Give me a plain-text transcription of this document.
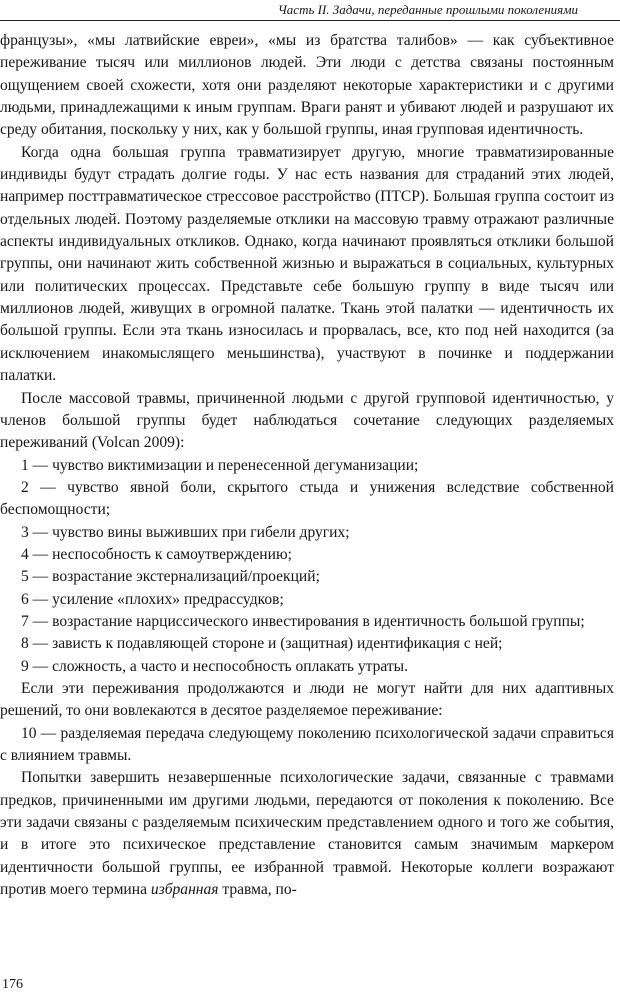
Часть II. Задачи, переданные прошлыми поколениями

французы», «мы латвийские евреи», «мы из братства талибов» — как субъективное переживание тысяч или миллионов людей. Эти люди с детства связаны постоянным ощущением своей схожести, хотя они разделяют некоторые характеристики и с другими людьми, принадлежащими к иным группам. Враги ранят и убивают людей и разрушают их среду обитания, поскольку у них, как у большой группы, иная групповая идентичность.

Когда одна большая группа травматизирует другую, многие травматизированные индивиды будут страдать долгие годы. У нас есть названия для страданий этих людей, например посттравматическое стрессовое расстройство (ПТСР). Большая группа состоит из отдельных людей. Поэтому разделяемые отклики на массовую травму отражают различные аспекты индивидуальных откликов. Однако, когда начинают проявляться отклики большой группы, они начинают жить собственной жизнью и выражаться в социальных, культурных или политических процессах. Представьте себе большую группу в виде тысяч или миллионов людей, живущих в огромной палатке. Ткань этой палатки — идентичность их большой группы. Если эта ткань износилась и прорвалась, все, кто под ней находится (за исключением инакомыслящего меньшинства), участвуют в починке и поддержании палатки.

После массовой травмы, причиненной людьми с другой групповой идентичностью, у членов большой группы будет наблюдаться сочетание следующих разделяемых переживаний (Volcan 2009):

1 — чувство виктимизации и перенесенной дегуманизации;

2 — чувство явной боли, скрытого стыда и унижения вследствие собственной беспомощности;

3 — чувство вины выживших при гибели других;

4 — неспособность к самоутверждению;

5 — возрастание экстернализаций/проекций;

6 — усиление «плохих» предрассудков;

7 — возрастание нарциссического инвестирования в идентичность большой группы;

8 — зависть к подавляющей стороне и (защитная) идентификация с ней;

9 — сложность, а часто и неспособность оплакать утраты.

Если эти переживания продолжаются и люди не могут найти для них адаптивных решений, то они вовлекаются в десятое разделяемое переживание:

10 — разделяемая передача следующему поколению психологической задачи справиться с влиянием травмы.

Попытки завершить незавершенные психологические задачи, связанные с травмами предков, причиненными им другими людьми, передаются от поколения к поколению. Все эти задачи связаны с разделяемым психическим представлением одного и того же события, и в итоге это психическое представление становится самым значимым маркером идентичности большой группы, ее избранной травмой. Некоторые коллеги возражают против моего термина избранная травма, по-

176
